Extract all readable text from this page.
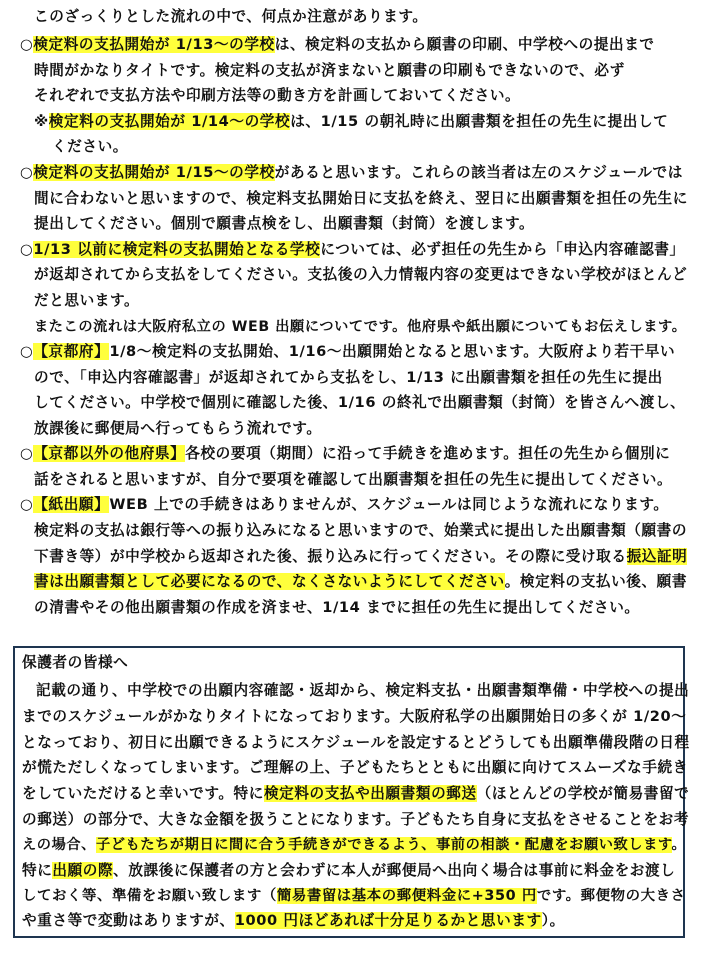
このざっくりとした流れの中で、何点か注意があります。
○検定料の支払開始が 1/13～の学校は、検定料の支払から願書の印刷、中学校への提出まで
時間がかなりタイトです。検定料の支払が済まないと願書の印刷もできないので、必ず
それぞれで支払方法や印刷方法等の動き方を計画しておいてください。
※検定料の支払開始が 1/14～の学校は、1/15 の朝礼時に出願書類を担任の先生に提出して
ください。
○検定料の支払開始が 1/15～の学校があると思います。これらの該当者は左のスケジュールでは
間に合わないと思いますので、検定料支払開始日に支払を終え、翌日に出願書類を担任の先生に
提出してください。個別で願書点検をし、出願書類（封筒）を渡します。
○1/13 以前に検定料の支払開始となる学校については、必ず担任の先生から「申込内容確認書」
が返却されてから支払をしてください。支払後の入力情報内容の変更はできない学校がほとんど
だと思います。
またこの流れは大阪府私立の WEB 出願についてです。他府県や紙出願についてもお伝えします。
○【京都府】1/8～検定料の支払開始、1/16～出願開始となると思います。大阪府より若干早い
ので、「申込内容確認書」が返却されてから支払をし、1/13 に出願書類を担任の先生に提出
してください。中学校で個別に確認した後、1/16 の終礼で出願書類（封筒）を皆さんへ渡し、
放課後に郵便局へ行ってもらう流れです。
○【京都以外の他府県】各校の要項（期間）に沿って手続きを進めます。担任の先生から個別に
話をされると思いますが、自分で要項を確認して出願書類を担任の先生に提出してください。
○【紙出願】WEB 上での手続きはありませんが、スケジュールは同じような流れになります。
検定料の支払は銀行等への振り込みになると思いますので、始業式に提出した出願書類（願書の
下書き等）が中学校から返却された後、振り込みに行ってください。その際に受け取る振込証明
書は出願書類として必要になるので、なくさないようにしてください。検定料の支払い後、願書
の清書やその他出願書類の作成を済ませ、1/14 までに担任の先生に提出してください。
保護者の皆様へ
記載の通り、中学校での出願内容確認・返却から、検定料支払・出願書類準備・中学校への提出
までのスケジュールがかなりタイトになっております。大阪府私学の出願開始日の多くが 1/20～
となっており、初日に出願できるようにスケジュールを設定するとどうしても出願準備段階の日程
が慌ただしくなってしまいます。ご理解の上、子どもたちとともに出願に向けてスムーズな手続き
をしていただけると幸いです。特に検定料の支払や出願書類の郵送（ほとんどの学校が簡易書留で
の郵送）の部分で、大きな金額を扱うことになります。子どもたち自身に支払をさせることをお考
えの場合、子どもたちが期日に間に合う手続きができるよう、事前の相談・配慮をお願い致します。
特に出願の際、放課後に保護者の方と会わずに本人が郵便局へ出向く場合は事前に料金をお渡し
しておく等、準備をお願い致します（簡易書留は基本の郵便料金に+350 円です。郵便物の大きさ
や重さ等で変動はありますが、1000 円ほどあれば十分足りるかと思います）。
